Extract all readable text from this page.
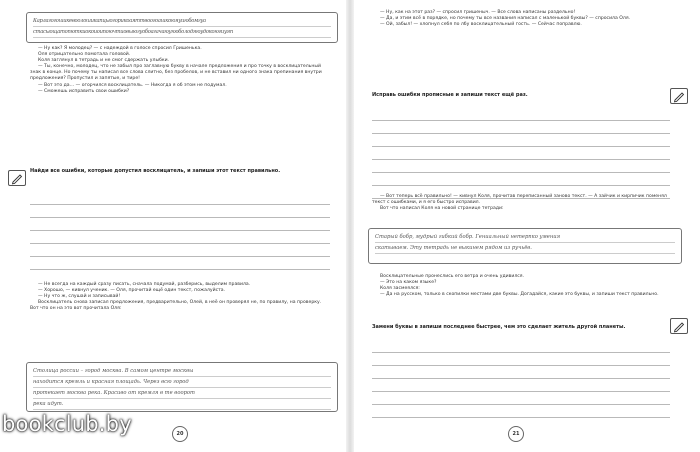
Карлагогошикевоолошикапцыогорикоаяттвоогоашкоюяуиюбомгуа
стасыощатопюткиокоиоипоючтиовыюгуобоагачаюуюоболодяюудокоюгиуяп

— Ну как? Я молодец? — с надеждой в голосе спросил Гришенька.

Оля отрицательно помотала головой.

Коля заглянул в тетрадь и не смог сдержать улыбки.

— Ты, конечно, молодец, что не забыл про заглавную букву в начале предложения и про точку в восклицательный знак в конце. Но почему ты написал все слова слитно, без пробелов, и не вставил ни одного знака препинания внутри предложения? Пропустил и запятые, и тире!

— Вот это да… — огорчился восклицатель. — Никогда я об этом не подумал.

— Сможешь исправить свои ошибки?

Найди все ошибки, которые допустил восклицатель, и запиши этот текст правильно.

— Не всегда на каждый сразу писать, сначала подумай, разберись, выделим правила.

— Хорошо, — кивнул ученик. — Оля, прочитай ещё один текст, пожалуйста.

— Ну что ж, слушай и записывай!

Восклицатель снова записал предложения, предварительно, Олей, в неё он проверял не, по правилу, на проверку. Вот что он на это вот прочитала Оля:

Столица россии – город москва. В самом центре москвы
находится кремль и красная площадь. Через всю город
протекает москва река. Красиво от кремля в те воорот
река идут.
20

— Ну, как на этот раз? — спросил гришеныч. — Все слова написаны раздельно!

— Да, и этим всё в порядке, но почему ты все названия написал с маленькой буквы? — спросила Оля.

— Ой, забыл! — хлопнул себя по лбу восклицательный гость. — Сейчас поправлю.

Исправь ошибки прописные и запиши текст ещё раз.

— Вот теперь всё правильно! — кивнул Коля, прочитав переписанный заново текст. — А зайчик и кирпичик поменял текст с ошибками, и я его быстро исправил.

Вот что написал Коля на новой странице тетради:

Старый бобр, мудрый гибкий бобр. Гениальный нетерпко умения
скатываем. Эту тетрадь не выкинем рядом из ручьёв.

Восклицательные пронеслись его ветра и очень удивился.

— Это на каком языке?

Коля засмеялся:

— Да на русском, только в скопилки местами две буквы. Догадайся, какие это буквы, и запиши текст правильно.

Замени буквы в запиши последнее быстрее, чем это сделает житель другой планеты.
21
bookclub.by
